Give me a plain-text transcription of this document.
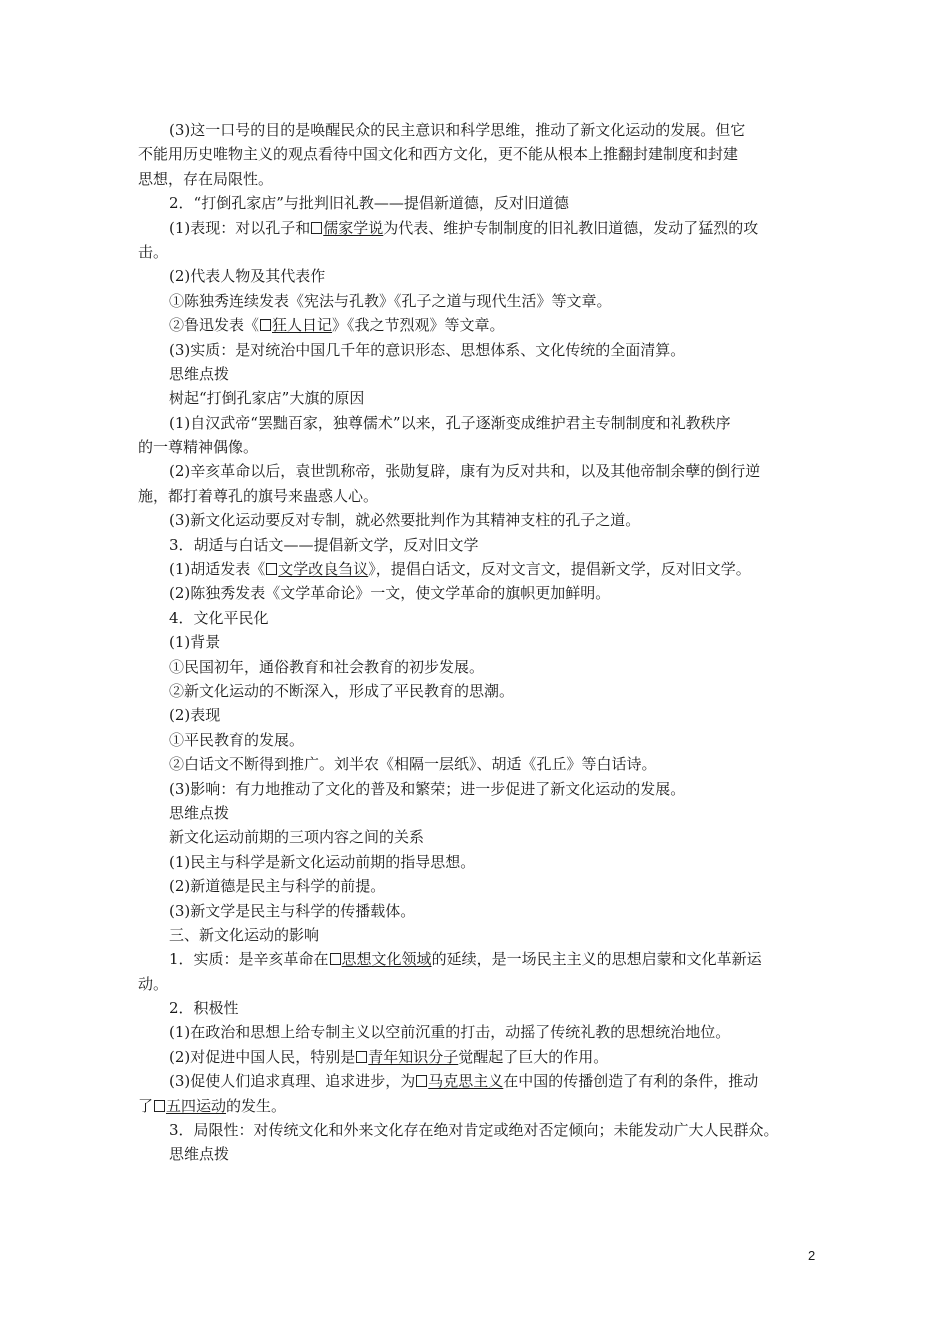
(3)这一口号的目的是唤醒民众的民主意识和科学思维，推动了新文化运动的发展。但它
不能用历史唯物主义的观点看待中国文化和西方文化，更不能从根本上推翻封建制度和封建
思想，存在局限性。
2．“打倒孔家店”与批判旧礼教——提倡新道德，反对旧道德
(1)表现：对以孔子和 儒家学说为代表、维护专制制度的旧礼教旧道德，发动了猛烈的攻
击。
(2)代表人物及其代表作
①陈独秀连续发表《宪法与孔教》《孔子之道与现代生活》等文章。
②鲁迅发表《 狂人日记》《我之节烈观》等文章。
(3)实质：是对统治中国几千年的意识形态、思想体系、文化传统的全面清算。
思维点拨
树起“打倒孔家店”大旗的原因
(1)自汉武帝“罢黜百家，独尊儒术”以来，孔子逐渐变成维护君主专制制度和礼教秩序
的一尊精神偶像。
(2)辛亥革命以后，袁世凯称帝，张勋复辟，康有为反对共和，以及其他帝制余孽的倒行逆
施，都打着尊孔的旗号来蛊惑人心。
(3)新文化运动要反对专制，就必然要批判作为其精神支柱的孔子之道。
3．胡适与白话文——提倡新文学，反对旧文学
(1)胡适发表《 文学改良刍议》，提倡白话文，反对文言文，提倡新文学，反对旧文学。
(2)陈独秀发表《文学革命论》一文，使文学革命的旗帜更加鲜明。
4．文化平民化
(1)背景
①民国初年，通俗教育和社会教育的初步发展。
②新文化运动的不断深入，形成了平民教育的思潮。
(2)表现
①平民教育的发展。
②白话文不断得到推广。刘半农《相隔一层纸》、胡适《孔丘》等白话诗。
(3)影响：有力地推动了文化的普及和繁荣；进一步促进了新文化运动的发展。
思维点拨
新文化运动前期的三项内容之间的关系
(1)民主与科学是新文化运动前期的指导思想。
(2)新道德是民主与科学的前提。
(3)新文学是民主与科学的传播载体。
三、新文化运动的影响
1．实质：是辛亥革命在 思想文化领域的延续，是一场民主主义的思想启蒙和文化革新运
动。
2．积极性
(1)在政治和思想上给专制主义以空前沉重的打击，动摇了传统礼教的思想统治地位。
(2)对促进中国人民，特别是 青年知识分子觉醒起了巨大的作用。
(3)促使人们追求真理、追求进步，为 马克思主义在中国的传播创造了有利的条件，推动
了 五四运动的发生。
3．局限性：对传统文化和外来文化存在绝对肯定或绝对否定倾向；未能发动广大人民群众。
思维点拨
2
